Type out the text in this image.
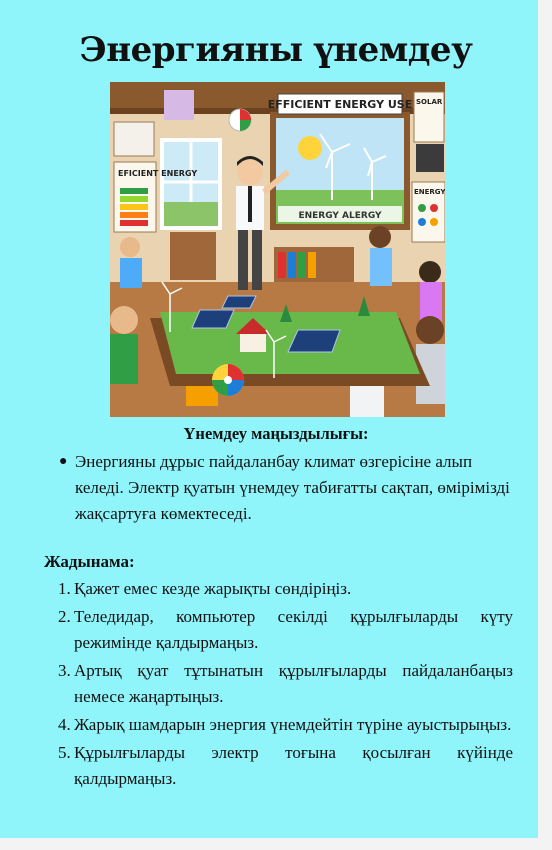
Энергияны үнемдеу
EFICIENT ENERGY
EFFICIENT ENERGY USE
ENERGY ALERGY
SOLAR
ENERGY
Үнемдеу маңыздылығы:
● Энергияны дұрыс пайдаланбау климат өзгерісіне алып келеді. Электр қуатын үнемдеу табиғатты сақтап, өмірімізді жақсартуға көмектеседі.
Жадынама:
1. Қажет емес кезде жарықты сөндіріңіз.
2. Теледидар, компьютер секілді құрылғыларды күту режимінде қалдырмаңыз.
3. Артық қуат тұтынатын құрылғыларды пайдаланбаңыз немесе жаңартыңыз.
4. Жарық шамдарын энергия үнемдейтін түріне ауыстырыңыз.
5. Құрылғыларды электр тоғына қосылған күйінде қалдырмаңыз.
